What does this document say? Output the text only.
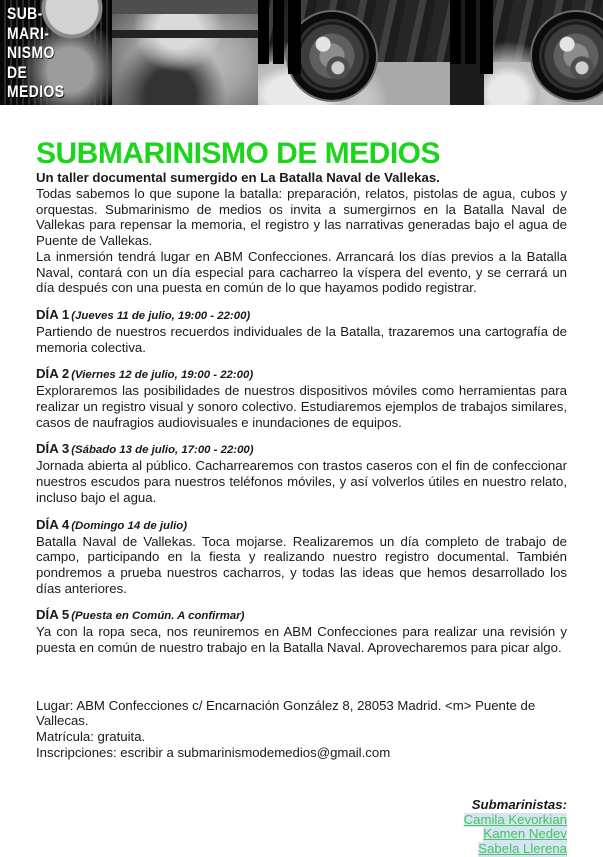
SUB-
MARI-
NISMO
DE
MEDIOS
SUBMARINISMO DE MEDIOS

Un taller documental sumergido en La Batalla Naval de Vallekas.

Todas sabemos lo que supone la batalla: preparación, relatos, pistolas de agua, cubos y orquestas. Submarinismo de medios os invita a sumergirnos en la Batalla Naval de Vallekas para repensar la memoria, el registro y las narrativas generadas bajo el agua de Puente de Vallekas.

La inmersión tendrá lugar en ABM Confecciones. Arrancará los días previos a la Batalla Naval, contará con un día especial para cacharreo la víspera del evento, y se cerrará un día después con una puesta en común de lo que hayamos podido registrar.

DÍA 1 (Jueves 11 de julio, 19:00 - 22:00)

Partiendo de nuestros recuerdos individuales de la Batalla, trazaremos una cartografía de memoria colectiva.

DÍA 2 (Viernes 12 de julio, 19:00 - 22:00)

Exploraremos las posibilidades de nuestros dispositivos móviles como herramientas para realizar un registro visual y sonoro colectivo. Estudiaremos ejemplos de trabajos similares, casos de naufragios audiovisuales e inundaciones de equipos.

DÍA 3 (Sábado 13 de julio, 17:00 - 22:00)

Jornada abierta al público. Cacharrearemos con trastos caseros con el fin de confeccionar nuestros escudos para nuestros teléfonos móviles, y así volverlos útiles en nuestro relato, incluso bajo el agua.

DÍA 4 (Domingo 14 de julio)

Batalla Naval de Vallekas. Toca mojarse. Realizaremos un día completo de trabajo de campo, participando en la fiesta y realizando nuestro registro documental. También pondremos a prueba nuestros cacharros, y todas las ideas que hemos desarrollado los días anteriores.

DÍA 5 (Puesta en Común. A confirmar)

Ya con la ropa seca, nos reuniremos en ABM Confecciones para realizar una revisión y puesta en común de nuestro trabajo en la Batalla Naval. Aprovecharemos para picar algo.

Lugar: ABM Confecciones c/ Encarnación González 8, 28053 Madrid. <m> Puente de Vallecas.
Matrícula: gratuita.
Inscripciones: escribir a submarinismodemedios@gmail.com
Submarinistas:
Camila Kevorkian
Kamen Nedev
Sabela Llerena
